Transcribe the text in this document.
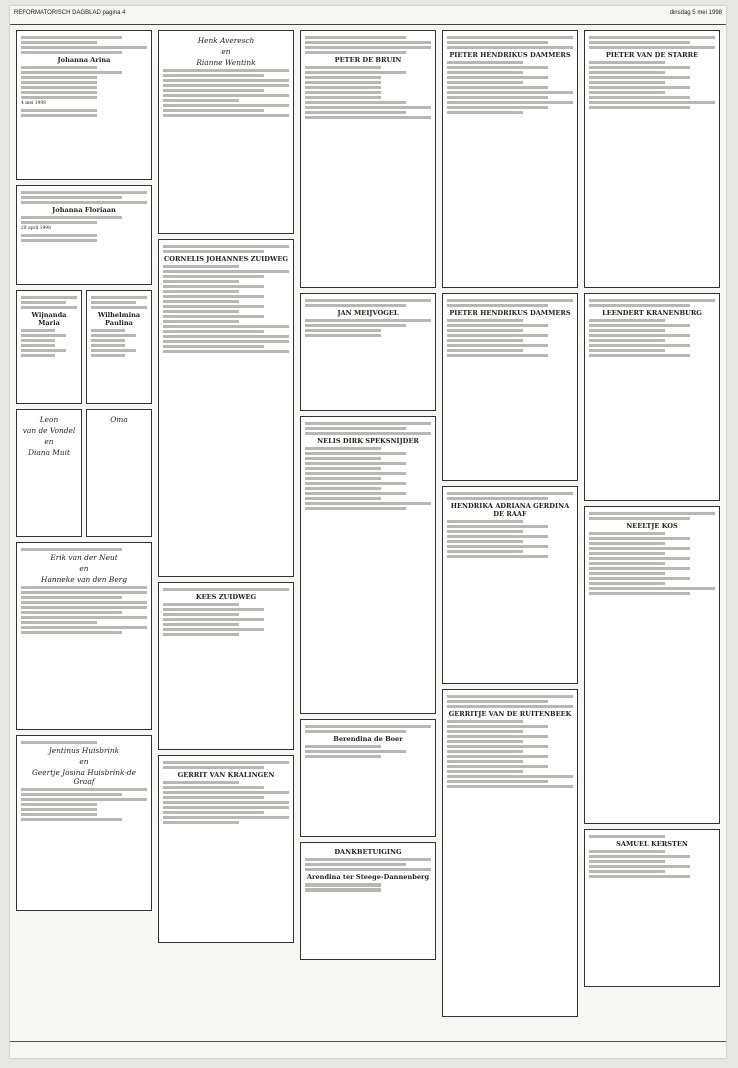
REFORMATORISCH DAGBLAD pagina 4	dinsdag 5 mei 1998
Johanna Arina

4 mei 1998

Johanna Floriaan

29 april 1998

Wijnanda Maria
Wilhelmina Paulina
Leon
van de Vondel
en
Diana Muit
Oma
Erik van der Neut
en
Hanneke van den Berg
Jentinus Huisbrink
en
Geertje Josina Huisbrink-de Graaf
Henk Averesch
en
Rianne Wentink
CORNELIS JOHANNES ZUIDWEG
KEES ZUIDWEG
GERRIT VAN KRALINGEN
PETER DE BRUIN
JAN MEIJVOGEL
NELIS DIRK SPEKSNIJDER
Berendina de Boer
DANKBETUIGING
Arendina ter Steege-Dannenberg
PIETER HENDRIKUS DAMMERS
PIETER HENDRIKUS DAMMERS
HENDRIKA ADRIANA GERDINA DE RAAF
GERRITJE VAN DE RUITENBEEK
PIETER VAN DE STARRE
LEENDERT KRANENBURG
NEELTJE KOS
SAMUEL KERSTEN
